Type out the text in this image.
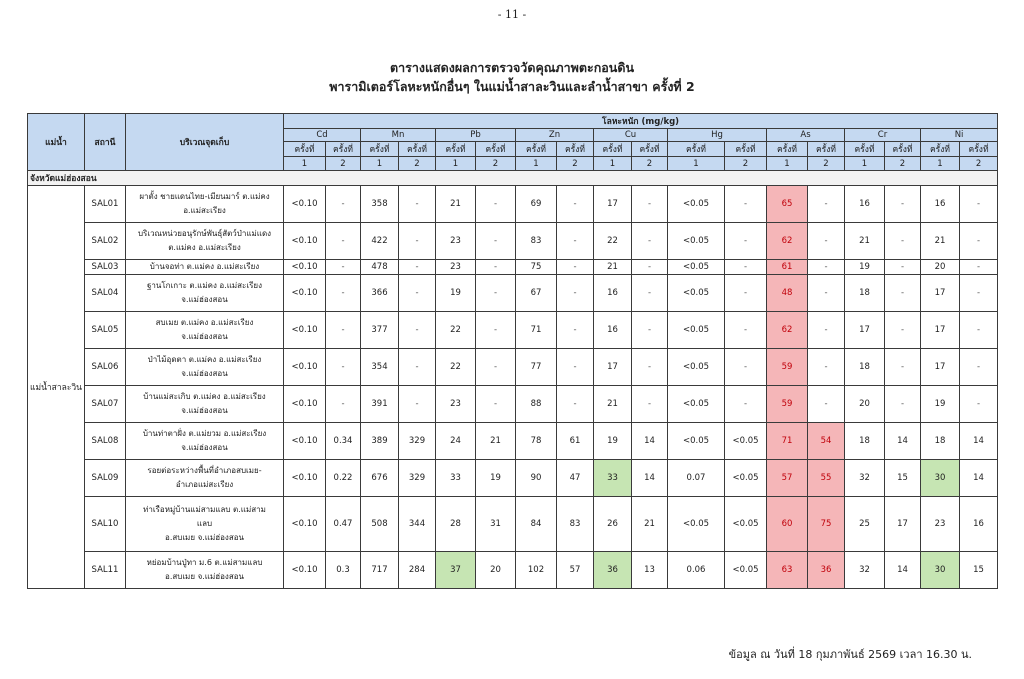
- 11 -
ตารางแสดงผลการตรวจวัดคุณภาพตะกอนดิน
พารามิเตอร์โลหะหนักอื่นๆ ในแม่น้ำสาละวินและลำน้ำสาขา ครั้งที่ 2
แม่น้ำ	สถานี	บริเวณจุดเก็บ	โลหะหนัก (mg/kg)																	
			Cd		Mn		Pb		Zn		Cu		Hg		As		Cr		Ni	
			ครั้งที่	ครั้งที่	ครั้งที่	ครั้งที่	ครั้งที่	ครั้งที่	ครั้งที่	ครั้งที่	ครั้งที่	ครั้งที่	ครั้งที่	ครั้งที่	ครั้งที่	ครั้งที่	ครั้งที่	ครั้งที่	ครั้งที่	ครั้งที่
			1	2	1	2	1	2	1	2	1	2	1	2	1	2	1	2	1	2
จังหวัดแม่ฮ่องสอน																				
แม่น้ำสาละวิน	SAL01	ผาตั้ง ชายแดนไทย-เมียนมาร์ ต.แม่คง
อ.แม่สะเรียง	<0.10	-	358	-	21	-	69	-	17	-	<0.05	-	65	-	16	-	16	-
	SAL02	บริเวณหน่วยอนุรักษ์พันธุ์สัตว์ป่าแม่แดง
ต.แม่คง อ.แม่สะเรียง	<0.10	-	422	-	23	-	83	-	22	-	<0.05	-	62	-	21	-	21	-
	SAL03	บ้านจอท่า ต.แม่คง อ.แม่สะเรียง	<0.10	-	478	-	23	-	75	-	21	-	<0.05	-	61	-	19	-	20	-
	SAL04	ฐานโกเกาะ ต.แม่คง อ.แม่สะเรียง
จ.แม่ฮ่องสอน	<0.10	-	366	-	19	-	67	-	16	-	<0.05	-	48	-	18	-	17	-
	SAL05	สบเมย ต.แม่คง อ.แม่สะเรียง
จ.แม่ฮ่องสอน	<0.10	-	377	-	22	-	71	-	16	-	<0.05	-	62	-	17	-	17	-
	SAL06	ป่าไม้อุดตา ต.แม่คง อ.แม่สะเรียง
จ.แม่ฮ่องสอน	<0.10	-	354	-	22	-	77	-	17	-	<0.05	-	59	-	18	-	17	-
	SAL07	บ้านแม่สะเกิบ ต.แม่คง อ.แม่สะเรียง
จ.แม่ฮ่องสอน	<0.10	-	391	-	23	-	88	-	21	-	<0.05	-	59	-	20	-	19	-
	SAL08	บ้านท่าตาฝั่ง ต.แม่ยวม อ.แม่สะเรียง
จ.แม่ฮ่องสอน	<0.10	0.34	389	329	24	21	78	61	19	14	<0.05	<0.05	71	54	18	14	18	14
	SAL09	รอยต่อระหว่างพื้นที่อำเภอสบเมย-
อำเภอแม่สะเรียง	<0.10	0.22	676	329	33	19	90	47	33	14	0.07	<0.05	57	55	32	15	30	14
	SAL10	ท่าเรือหมู่บ้านแม่สามแลบ ต.แม่สาม
แลบ
อ.สบเมย จ.แม่ฮ่องสอน	<0.10	0.47	508	344	28	31	84	83	26	21	<0.05	<0.05	60	75	25	17	23	16
	SAL11	หย่อมบ้านปู่ทา ม.6 ต.แม่สามแลบ
อ.สบเมย จ.แม่ฮ่องสอน	<0.10	0.3	717	284	37	20	102	57	36	13	0.06	<0.05	63	36	32	14	30	15
ข้อมูล ณ วันที่ 18 กุมภาพันธ์ 2569 เวลา 16.30 น.
